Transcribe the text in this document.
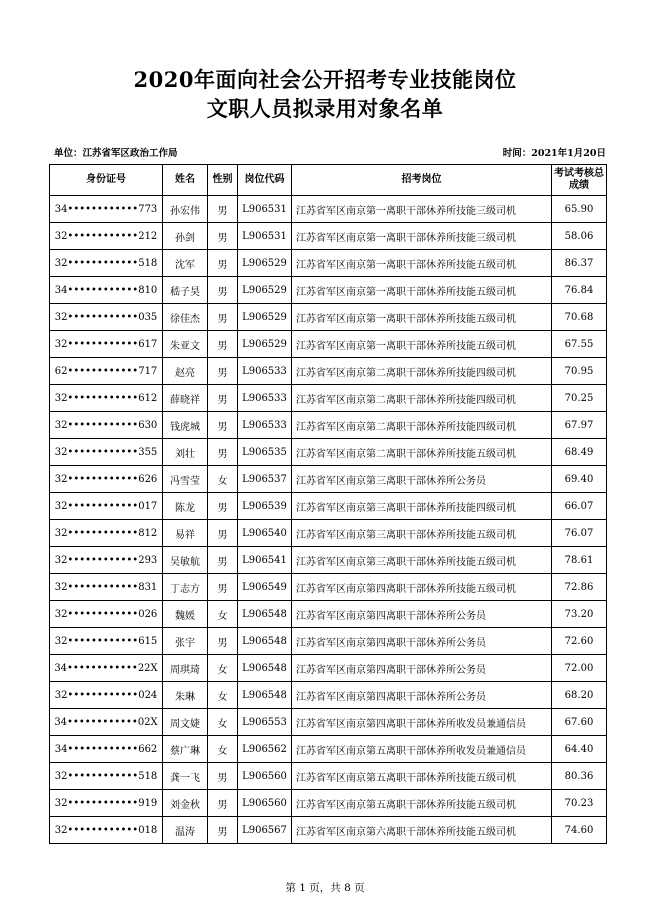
2020年面向社会公开招考专业技能岗位
文职人员拟录用对象名单
单位：江苏省军区政治工作局	时间：2021年1月20日
身份证号	姓名	性别	岗位代码	招考岗位	考试考核总成绩
34••••••••••••773	孙宏伟	男	L906531	江苏省军区南京第一离职干部休养所技能三级司机	65.90
32••••••••••••212	孙剑	男	L906531	江苏省军区南京第一离职干部休养所技能三级司机	58.06
32••••••••••••518	沈军	男	L906529	江苏省军区南京第一离职干部休养所技能五级司机	86.37
34••••••••••••810	嵇子昊	男	L906529	江苏省军区南京第一离职干部休养所技能五级司机	76.84
32••••••••••••035	徐佳杰	男	L906529	江苏省军区南京第一离职干部休养所技能五级司机	70.68
32••••••••••••617	朱亚文	男	L906529	江苏省军区南京第一离职干部休养所技能五级司机	67.55
62••••••••••••717	赵亮	男	L906533	江苏省军区南京第二离职干部休养所技能四级司机	70.95
32••••••••••••612	薛晓祥	男	L906533	江苏省军区南京第二离职干部休养所技能四级司机	70.25
32••••••••••••630	钱虎城	男	L906533	江苏省军区南京第二离职干部休养所技能四级司机	67.97
32••••••••••••355	刘壮	男	L906535	江苏省军区南京第二离职干部休养所技能五级司机	68.49
32••••••••••••626	冯雪莹	女	L906537	江苏省军区南京第三离职干部休养所公务员	69.40
32••••••••••••017	陈龙	男	L906539	江苏省军区南京第三离职干部休养所技能四级司机	66.07
32••••••••••••812	易祥	男	L906540	江苏省军区南京第三离职干部休养所技能五级司机	76.07
32••••••••••••293	吴敏航	男	L906541	江苏省军区南京第三离职干部休养所技能五级司机	78.61
32••••••••••••831	丁志方	男	L906549	江苏省军区南京第四离职干部休养所技能五级司机	72.86
32••••••••••••026	魏媛	女	L906548	江苏省军区南京第四离职干部休养所公务员	73.20
32••••••••••••615	张宇	男	L906548	江苏省军区南京第四离职干部休养所公务员	72.60
34••••••••••••22X	周琪琦	女	L906548	江苏省军区南京第四离职干部休养所公务员	72.00
32••••••••••••024	朱琳	女	L906548	江苏省军区南京第四离职干部休养所公务员	68.20
34••••••••••••02X	周文婕	女	L906553	江苏省军区南京第四离职干部休养所收发员兼通信员	67.60
34••••••••••••662	蔡广琳	女	L906562	江苏省军区南京第五离职干部休养所收发员兼通信员	64.40
32••••••••••••518	龚一飞	男	L906560	江苏省军区南京第五离职干部休养所技能五级司机	80.36
32••••••••••••919	刘金秋	男	L906560	江苏省军区南京第五离职干部休养所技能五级司机	70.23
32••••••••••••018	温涛	男	L906567	江苏省军区南京第六离职干部休养所技能五级司机	74.60
第 1 页，共 8 页
